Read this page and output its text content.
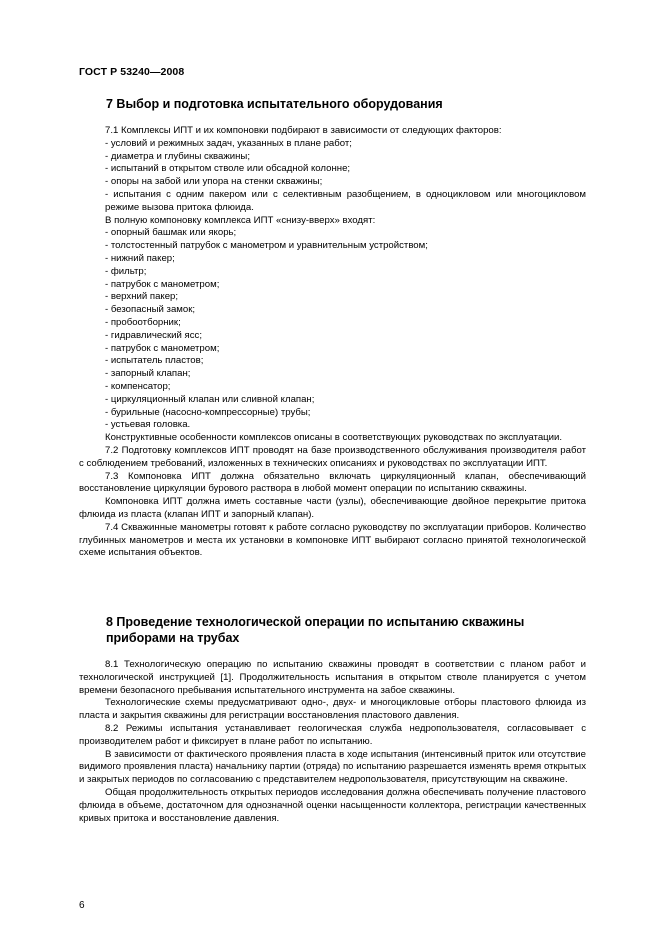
ГОСТ Р 53240—2008
7 Выбор и подготовка испытательного оборудования

7.1 Комплексы ИПТ и их компоновки подбирают в зависимости от следующих факторов:

- условий и режимных задач, указанных в плане работ;
- диаметра и глубины скважины;
- испытаний в открытом стволе или обсадной колонне;
- опоры на забой или упора на стенки скважины;
- испытания с одним пакером или с селективным разобщением, в одноцикловом или многоцикловом режиме вызова притока флюида.

В полную компоновку комплекса ИПТ «снизу-вверх» входят:

- опорный башмак или якорь;
- толстостенный патрубок с манометром и уравнительным устройством;
- нижний пакер;
- фильтр;
- патрубок с манометром;
- верхний пакер;
- безопасный замок;
- пробоотборник;
- гидравлический ясс;
- патрубок с манометром;
- испытатель пластов;
- запорный клапан;
- компенсатор;
- циркуляционный клапан или сливной клапан;
- бурильные (насосно-компрессорные) трубы;
- устьевая головка.

Конструктивные особенности комплексов описаны в соответствующих руководствах по эксплуатации.

7.2 Подготовку комплексов ИПТ проводят на базе производственного обслуживания производителя работ с соблюдением требований, изложенных в технических описаниях и руководствах по эксплуатации ИПТ.

7.3 Компоновка ИПТ должна обязательно включать циркуляционный клапан, обеспечивающий восстановление циркуляции бурового раствора в любой момент операции по испытанию скважины.

Компоновка ИПТ должна иметь составные части (узлы), обеспечивающие двойное перекрытие притока флюида из пласта (клапан ИПТ и запорный клапан).

7.4 Скважинные манометры готовят к работе согласно руководству по эксплуатации приборов. Количество глубинных манометров и места их установки в компоновке ИПТ выбирают согласно принятой технологической схеме испытания объектов.

8 Проведение технологической операции по испытанию скважины приборами на трубах

8.1 Технологическую операцию по испытанию скважины проводят в соответствии с планом работ и технологической инструкцией [1]. Продолжительность испытания в открытом стволе планируется с учетом времени безопасного пребывания испытательного инструмента на забое скважины.

Технологические схемы предусматривают одно-, двух- и многоцикловые отборы пластового флюида из пласта и закрытия скважины для регистрации восстановления пластового давления.

8.2 Режимы испытания устанавливает геологическая служба недропользователя, согласовывает с производителем работ и фиксирует в плане работ по испытанию.

В зависимости от фактического проявления пласта в ходе испытания (интенсивный приток или отсутствие видимого проявления пласта) начальнику партии (отряда) по испытанию разрешается изменять время открытых и закрытых периодов по согласованию с представителем недропользователя, присутствующим на скважине.

Общая продолжительность открытых периодов исследования должна обеспечивать получение пластового флюида в объеме, достаточном для однозначной оценки насыщенности коллектора, регистрации качественных кривых притока и восстановление давления.

6
